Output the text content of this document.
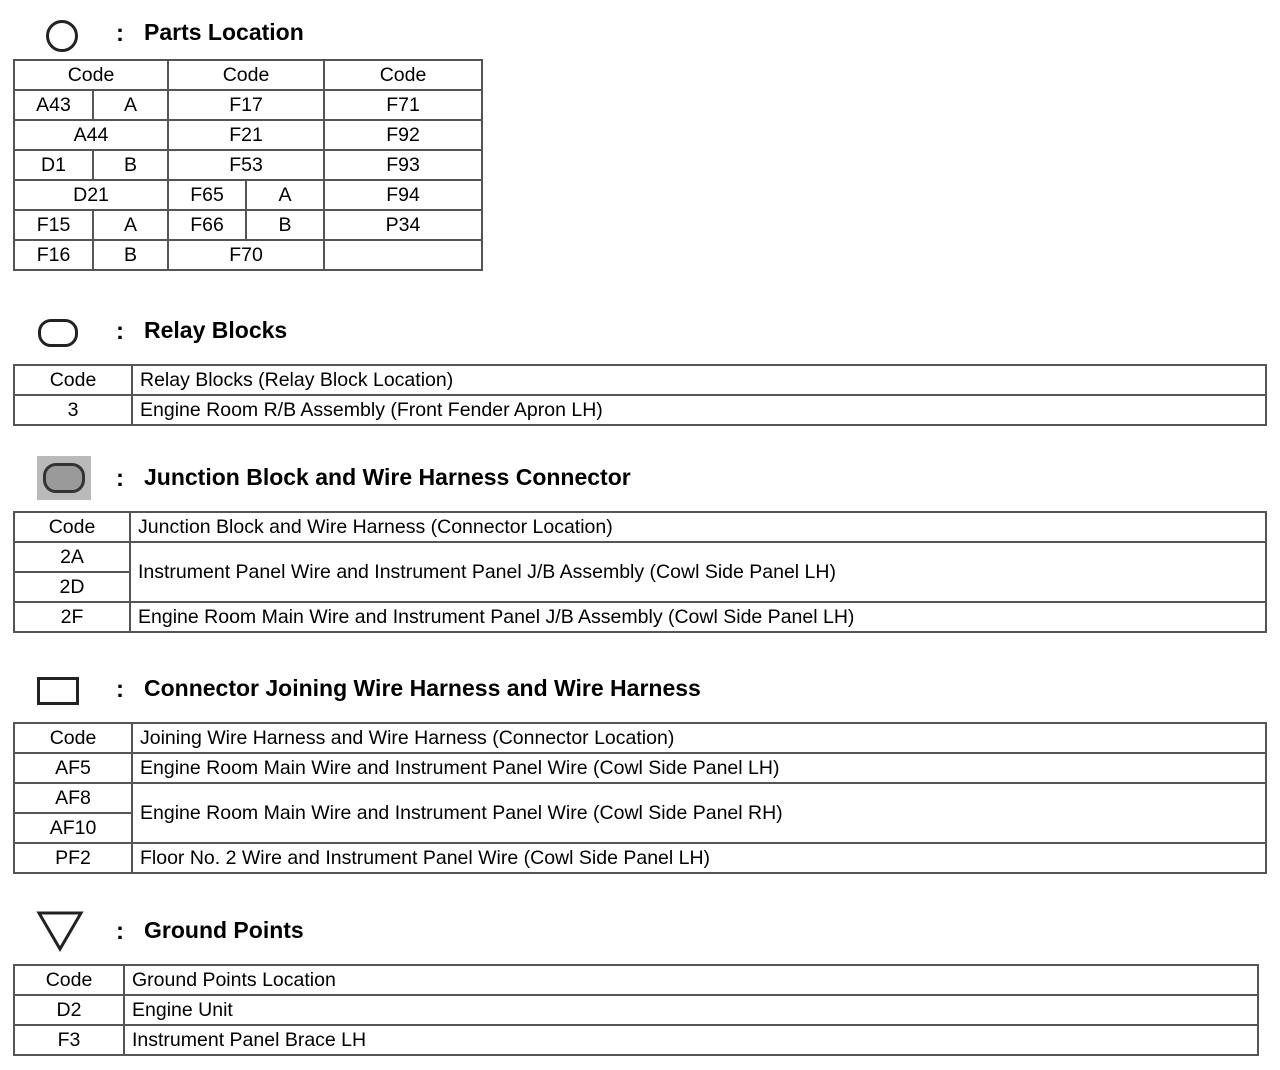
: Parts Location
Code		Code		Code
A43	A	F17		F71
A44		F21		F92
D1	B	F53		F93
D21		F65	A	F94
F15	A	F66	B	P34
F16	B	F70		
: Relay Blocks
Code	Relay Blocks (Relay Block Location)
3	Engine Room R/B Assembly (Front Fender Apron LH)
: Junction Block and Wire Harness Connector
Code	Junction Block and Wire Harness (Connector Location)
2A	Instrument Panel Wire and Instrument Panel J/B Assembly (Cowl Side Panel LH)
2D	
2F	Engine Room Main Wire and Instrument Panel J/B Assembly (Cowl Side Panel LH)
: Connector Joining Wire Harness and Wire Harness
Code	Joining Wire Harness and Wire Harness (Connector Location)
AF5	Engine Room Main Wire and Instrument Panel Wire (Cowl Side Panel LH)
AF8	Engine Room Main Wire and Instrument Panel Wire (Cowl Side Panel RH)
AF10	
PF2	Floor No. 2 Wire and Instrument Panel Wire (Cowl Side Panel LH)
: Ground Points
Code	Ground Points Location
D2	Engine Unit
F3	Instrument Panel Brace LH
